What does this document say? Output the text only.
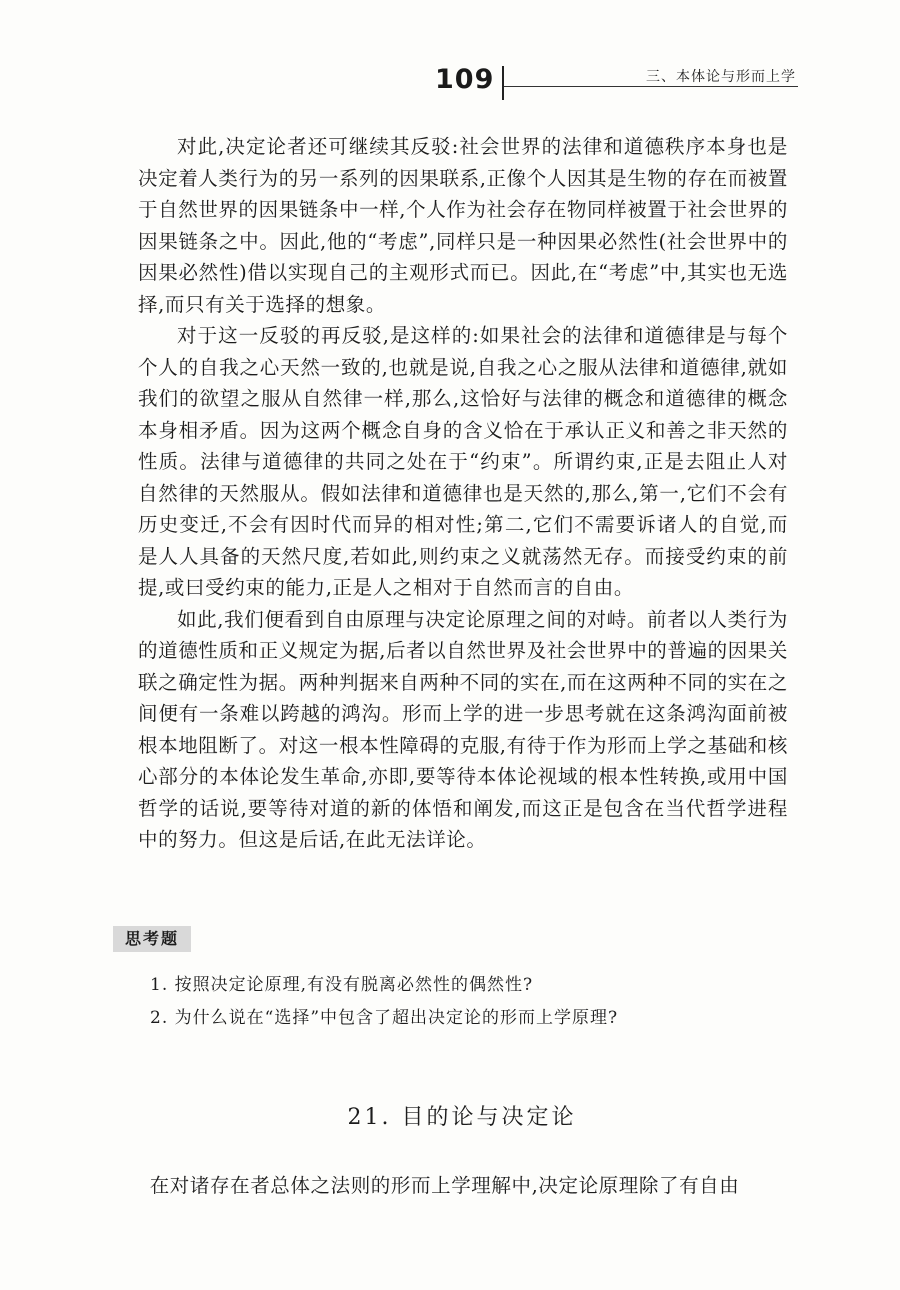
109	三、本体论与形而上学

对此,决定论者还可继续其反驳:社会世界的法律和道德秩序本身也是决定着人类行为的另一系列的因果联系,正像个人因其是生物的存在而被置于自然世界的因果链条中一样,个人作为社会存在物同样被置于社会世界的因果链条之中。因此,他的“考虑”,同样只是一种因果必然性(社会世界中的因果必然性)借以实现自己的主观形式而已。因此,在“考虑”中,其实也无选择,而只有关于选择的想象。

对于这一反驳的再反驳,是这样的:如果社会的法律和道德律是与每个个人的自我之心天然一致的,也就是说,自我之心之服从法律和道德律,就如我们的欲望之服从自然律一样,那么,这恰好与法律的概念和道德律的概念本身相矛盾。因为这两个概念自身的含义恰在于承认正义和善之非天然的性质。法律与道德律的共同之处在于“约束”。所谓约束,正是去阻止人对自然律的天然服从。假如法律和道德律也是天然的,那么,第一,它们不会有历史变迁,不会有因时代而异的相对性;第二,它们不需要诉诸人的自觉,而是人人具备的天然尺度,若如此,则约束之义就荡然无存。而接受约束的前提,或曰受约束的能力,正是人之相对于自然而言的自由。

如此,我们便看到自由原理与决定论原理之间的对峙。前者以人类行为的道德性质和正义规定为据,后者以自然世界及社会世界中的普遍的因果关联之确定性为据。两种判据来自两种不同的实在,而在这两种不同的实在之间便有一条难以跨越的鸿沟。形而上学的进一步思考就在这条鸿沟面前被根本地阻断了。对这一根本性障碍的克服,有待于作为形而上学之基础和核心部分的本体论发生革命,亦即,要等待本体论视域的根本性转换,或用中国哲学的话说,要等待对道的新的体悟和阐发,而这正是包含在当代哲学进程中的努力。但这是后话,在此无法详论。

思考题
1. 按照决定论原理,有没有脱离必然性的偶然性?
2. 为什么说在“选择”中包含了超出决定论的形而上学原理?
21. 目的论与决定论

在对诸存在者总体之法则的形而上学理解中,决定论原理除了有自由
